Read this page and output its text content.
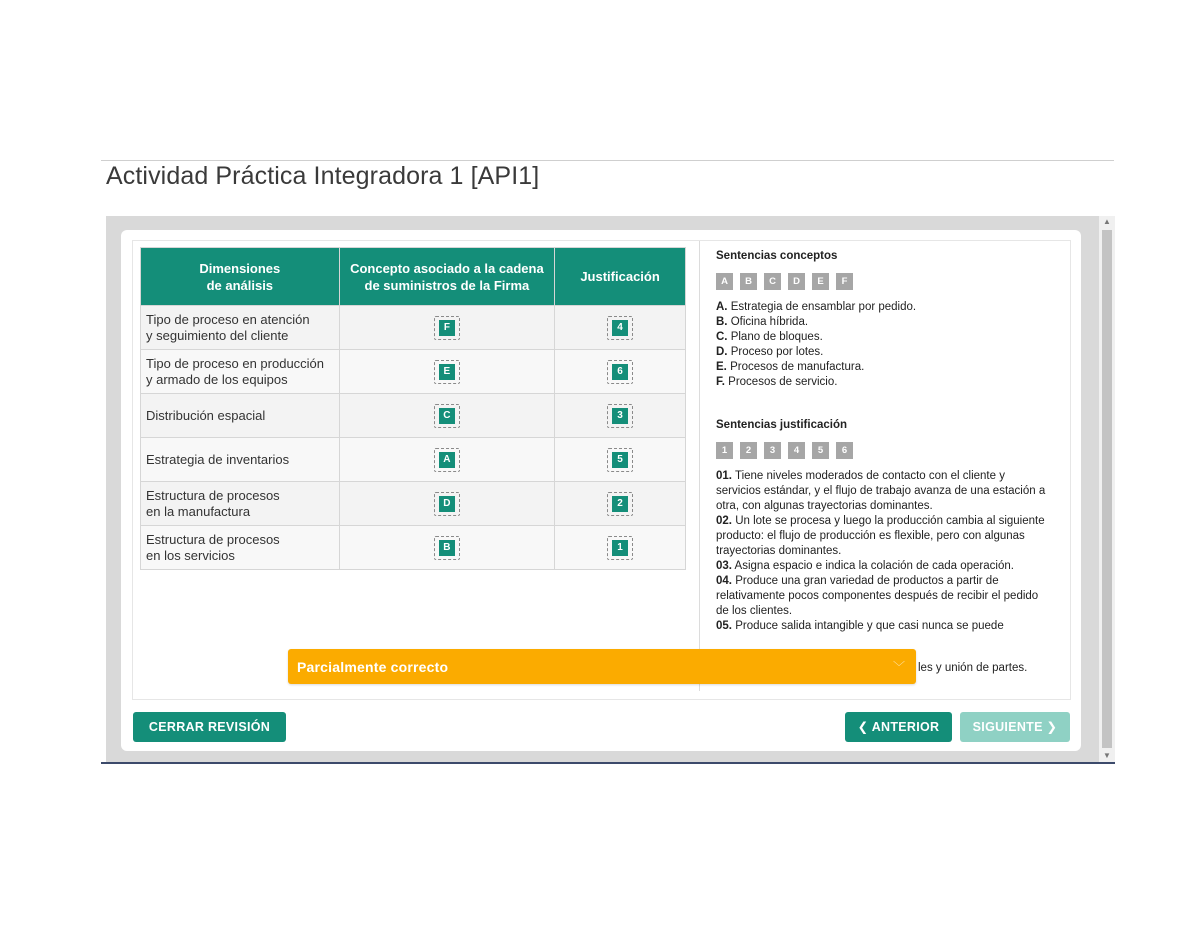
Actividad Práctica Integradora 1 [API1]
▲
▼
Dimensiones
de análisis	Concepto asociado a la cadena
de suministros de la Firma	Justificación
Tipo de proceso en atención
y seguimiento del cliente	F	4

Tipo de proceso en producción
y armado de los equipos	E	6

Distribución espacial	C	3

Estrategia de inventarios	A	5

Estructura de procesos
en la manufactura	D	2

Estructura de procesos
en los servicios	B	1
Sentencias conceptos
A	B	C	D	E	F
A. Estrategia de ensamblar por pedido.
B. Oficina híbrida.
C. Plano de bloques.
D. Proceso por lotes.
E. Procesos de manufactura.
F. Procesos de servicio.
Sentencias justificación
1	2	3	4	5	6
01. Tiene niveles moderados de contacto con el cliente y servicios estándar, y el flujo de trabajo avanza de una estación a otra, con algunas trayectorias dominantes.
02. Un lote se procesa y luego la producción cambia al siguiente producto: el flujo de producción es flexible, pero con algunas trayectorias dominantes.
03. Asigna espacio e indica la colación de cada operación.
04. Produce una gran variedad de productos a partir de relativamente pocos componentes después de recibir el pedido de los clientes.
05. Produce salida intangible y que casi nunca se puede
les y unión de partes.
Parcialmente correcto	﹀
CERRAR REVISIÓN	❮ ANTERIOR	SIGUIENTE ❯
